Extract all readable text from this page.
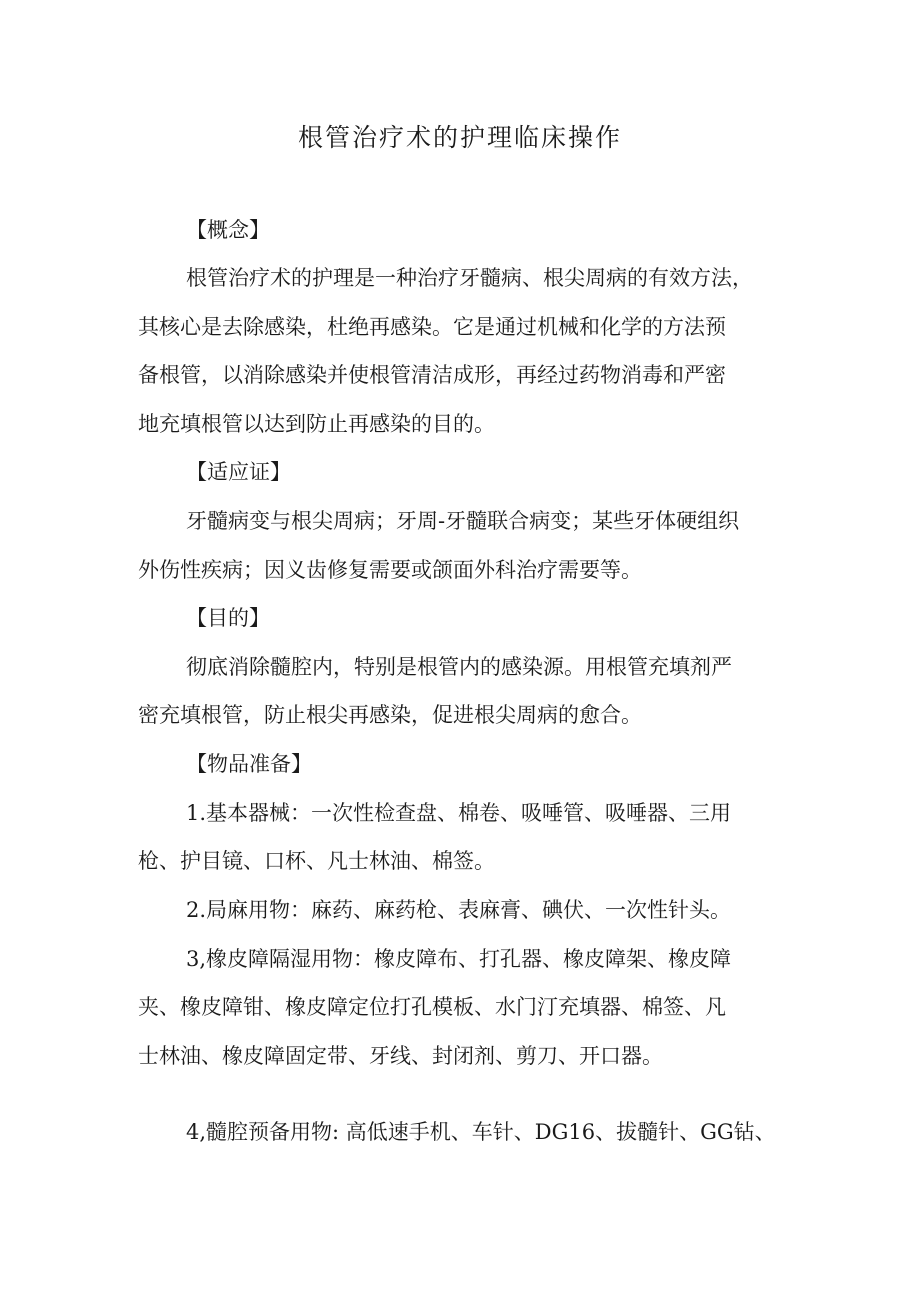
根管治疗术的护理临床操作
【概念】
根管治疗术的护理是一种治疗牙髓病、根尖周病的有效方法，
其核心是去除感染，杜绝再感染。它是通过机械和化学的方法预
备根管，以消除感染并使根管清洁成形，再经过药物消毒和严密
地充填根管以达到防止再感染的目的。
【适应证】
牙髓病变与根尖周病；牙周-牙髓联合病变；某些牙体硬组织
外伤性疾病；因义齿修复需要或颌面外科治疗需要等。
【目的】
彻底消除髓腔内，特别是根管内的感染源。用根管充填剂严
密充填根管，防止根尖再感染，促进根尖周病的愈合。
【物品准备】
1.基本器械：一次性检查盘、棉卷、吸唾管、吸唾器、三用
枪、护目镜、口杯、凡士林油、棉签。
2.局麻用物：麻药、麻药枪、表麻膏、碘伏、一次性针头。
3,橡皮障隔湿用物：橡皮障布、打孔器、橡皮障架、橡皮障
夹、橡皮障钳、橡皮障定位打孔模板、水门汀充填器、棉签、凡
士林油、橡皮障固定带、牙线、封闭剂、剪刀、开口器。
4,髓腔预备用物: 高低速手机、车针、DG16、拔髓针、GG钻、
